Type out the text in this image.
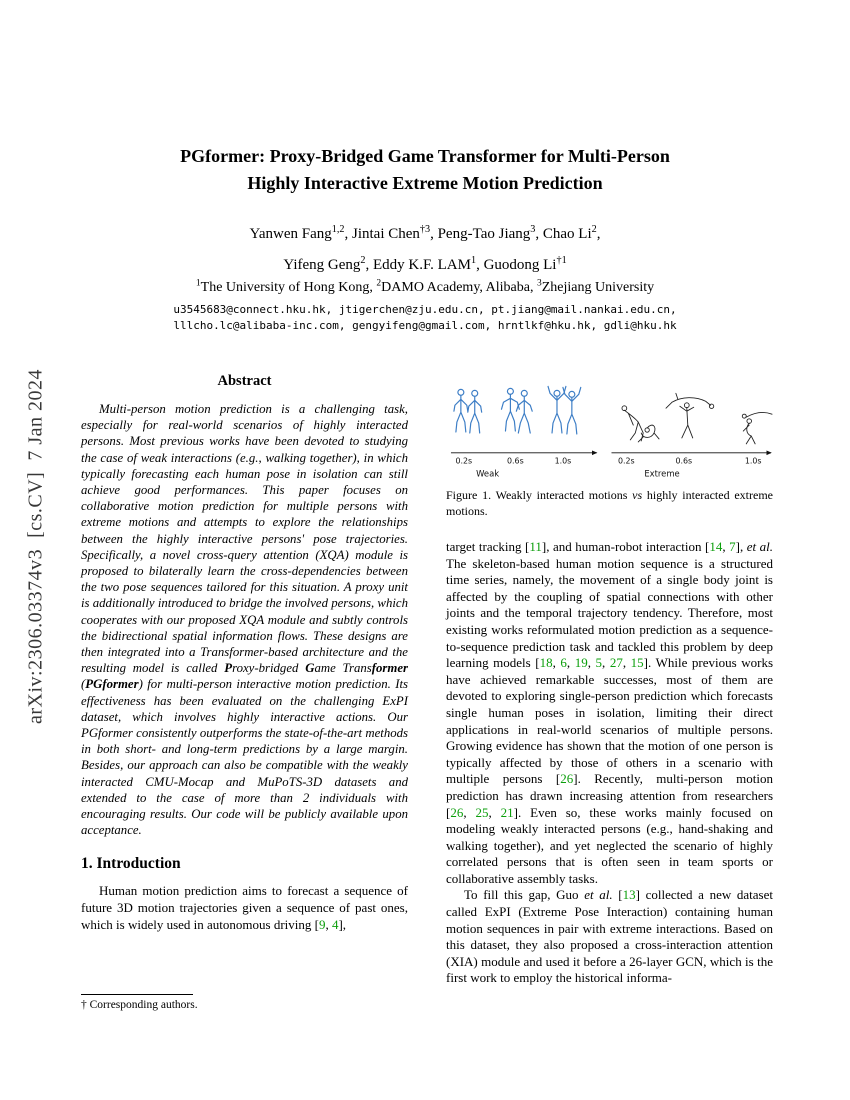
arXiv:2306.03374v3  [cs.CV]  7 Jan 2024
PGformer: Proxy-Bridged Game Transformer for Multi-Person
Highly Interactive Extreme Motion Prediction
Yanwen Fang$^{1,2}$, Jintai Chen$^{\dagger 3}$, Peng-Tao Jiang$^3$, Chao Li$^2$,
Yifeng Geng$^2$, Eddy K.F. LAM$^1$, Guodong Li$^{\dagger 1}$
$^1$The University of Hong Kong, $^2$DAMO Academy, Alibaba, $^3$Zhejiang University
u3545683@connect.hku.hk, jtigerchen@zju.edu.cn, pt.jiang@mail.nankai.edu.cn,
lllcho.lc@alibaba-inc.com, gengyifeng@gmail.com, hrntlkf@hku.hk, gdli@hku.hk
Abstract

Multi-person motion prediction is a challenging task, especially for real-world scenarios of highly interacted persons. Most previous works have been devoted to studying the case of weak interactions (e.g., walking together), in which typically forecasting each human pose in isolation can still achieve good performances. This paper focuses on collaborative motion prediction for multiple persons with extreme motions and attempts to explore the relationships between the highly interactive persons' pose trajectories. Specifically, a novel cross-query attention (XQA) module is proposed to bilaterally learn the cross-dependencies between the two pose sequences tailored for this situation. A proxy unit is additionally introduced to bridge the involved persons, which cooperates with our proposed XQA module and subtly controls the bidirectional spatial information flows. These designs are then integrated into a Transformer-based architecture and the resulting model is called Proxy-bridged Game Transformer (PGformer) for multi-person interactive motion prediction. Its effectiveness has been evaluated on the challenging ExPI dataset, which involves highly interactive actions. Our PGformer consistently outperforms the state-of-the-art methods in both short- and long-term predictions by a large margin. Besides, our approach can also be compatible with the weakly interacted CMU-Mocap and MuPoTS-3D datasets and extended to the case of more than 2 individuals with encouraging results. Our code will be publicly available upon acceptance.

1. Introduction

Human motion prediction aims to forecast a sequence of future 3D motion trajectories given a sequence of past ones, which is widely used in autonomous driving [9, 4],

0.2s	0.6s	1.0s	0.2s	0.6s	1.0s
Weak	Extreme
Figure 1. Weakly interacted motions vs highly interacted extreme motions.

target tracking [11], and human-robot interaction [14, 7], et al. The skeleton-based human motion sequence is a structured time series, namely, the movement of a single body joint is affected by the coupling of spatial connections with other joints and the temporal trajectory tendency. Therefore, most existing works reformulated motion prediction as a sequence-to-sequence prediction task and tackled this problem by deep learning models [18, 6, 19, 5, 27, 15]. While previous works have achieved remarkable successes, most of them are devoted to exploring single-person prediction which forecasts single human poses in isolation, limiting their direct applications in real-world scenarios of multiple persons. Growing evidence has shown that the motion of one person is typically affected by those of others in a scenario with multiple persons [26]. Recently, multi-person motion prediction has drawn increasing attention from researchers [26, 25, 21]. Even so, these works mainly focused on modeling weakly interacted persons (e.g., hand-shaking and walking together), and yet neglected the scenario of highly correlated persons that is often seen in team sports or collaborative assembly tasks.

To fill this gap, Guo et al. [13] collected a new dataset called ExPI (Extreme Pose Interaction) containing human motion sequences in pair with extreme interactions. Based on this dataset, they also proposed a cross-interaction attention (XIA) module and used it before a 26-layer GCN, which is the first work to employ the historical informa-

† Corresponding authors.
